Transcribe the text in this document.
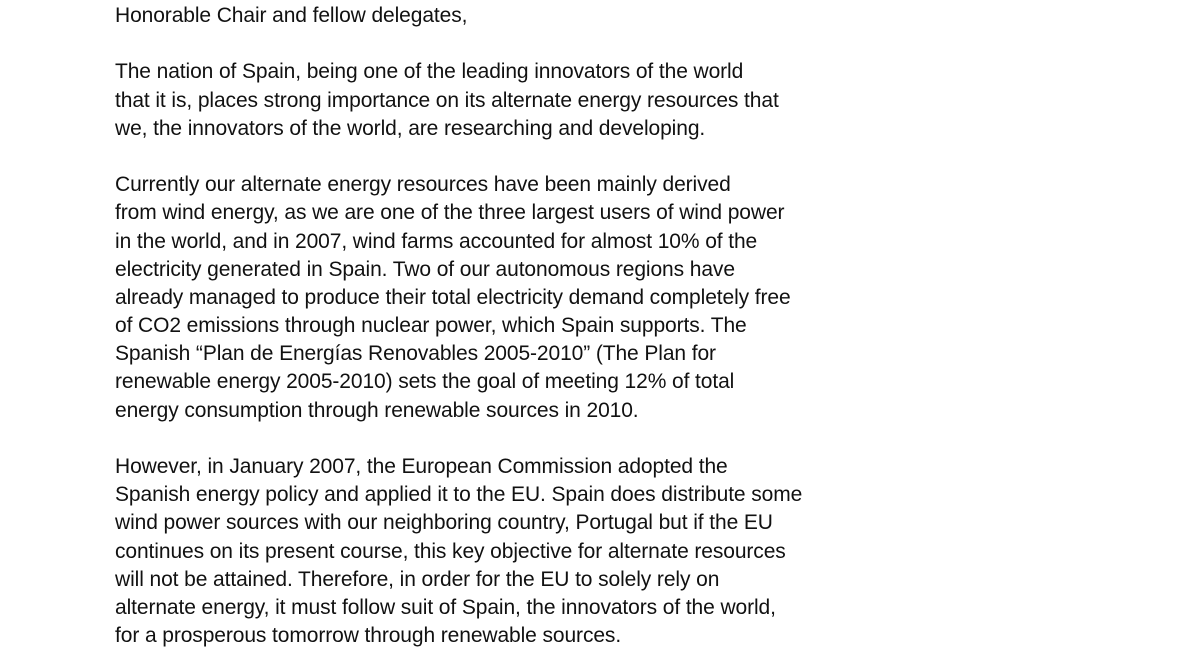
Honorable Chair and fellow delegates,
The nation of Spain, being one of the leading innovators of the world
that it is, places strong importance on its alternate energy resources that
we, the innovators of the world, are researching and developing.
Currently our alternate energy resources have been mainly derived
from wind energy, as we are one of the three largest users of wind power
in the world, and in 2007, wind farms accounted for almost 10% of the
electricity generated in Spain. Two of our autonomous regions have
already managed to produce their total electricity demand completely free
of CO2 emissions through nuclear power, which Spain supports. The
Spanish “Plan de Energías Renovables 2005-2010” (The Plan for
renewable energy 2005-2010) sets the goal of meeting 12% of total
energy consumption through renewable sources in 2010.
However, in January 2007, the European Commission adopted the
Spanish energy policy and applied it to the EU. Spain does distribute some
wind power sources with our neighboring country, Portugal but if the EU
continues on its present course, this key objective for alternate resources
will not be attained. Therefore, in order for the EU to solely rely on
alternate energy, it must follow suit of Spain, the innovators of the world,
for a prosperous tomorrow through renewable sources.
